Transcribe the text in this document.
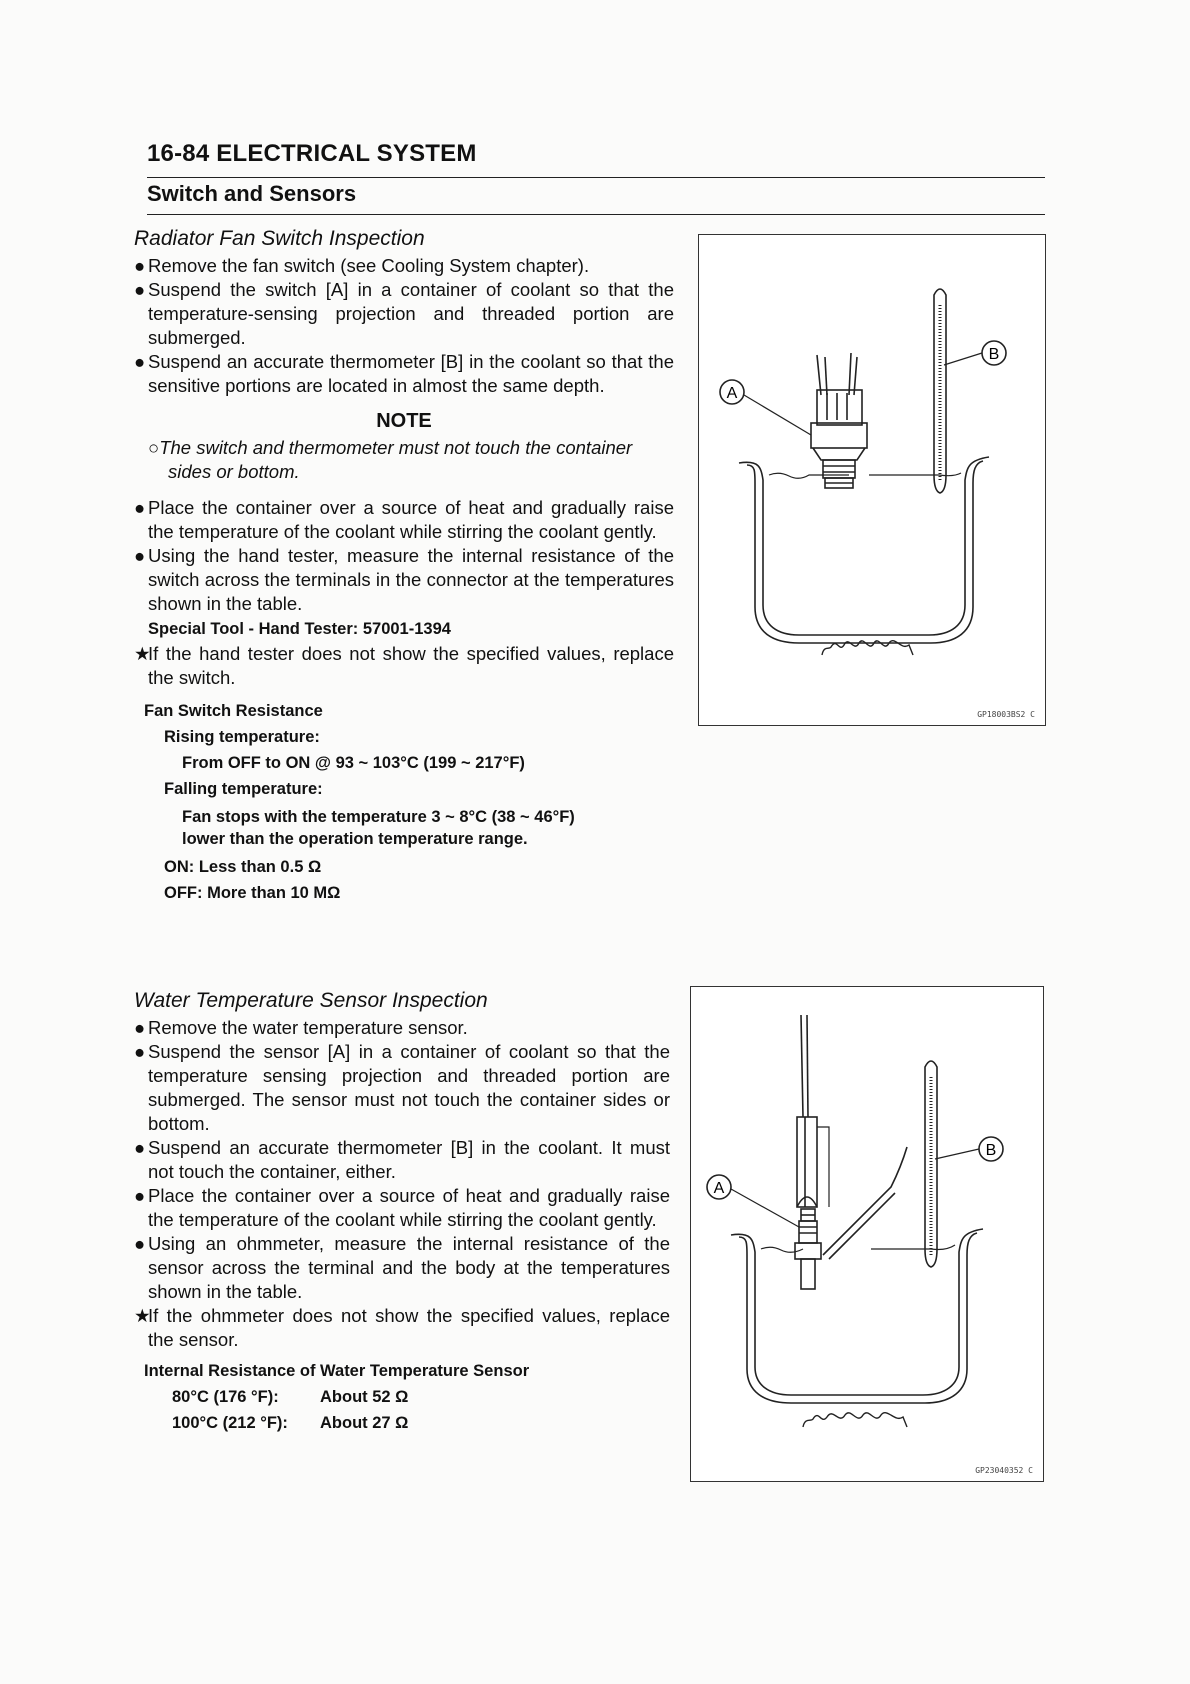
16-84 ELECTRICAL SYSTEM
Switch and Sensors
Radiator Fan Switch Inspection
● Remove the fan switch (see Cooling System chapter).
● Suspend the switch [A] in a container of coolant so that the temperature-sensing projection and threaded portion are submerged.
● Suspend an accurate thermometer [B] in the coolant so that the sensitive portions are located in almost the same depth.
NOTE
○The switch and thermometer must not touch the container sides or bottom.
● Place the container over a source of heat and gradually raise the temperature of the coolant while stirring the coolant gently.
● Using the hand tester, measure the internal resistance of the switch across the terminals in the connector at the temperatures shown in the table.
Special Tool - Hand Tester: 57001-1394
★
If the hand tester does not show the specified values, replace the switch.
Fan Switch Resistance
Rising temperature:
From OFF to ON @ 93 ~ 103°C (199 ~ 217°F)
Falling temperature:
Fan stops with the temperature 3 ~ 8°C (38 ~ 46°F)
lower than the operation temperature range.
ON: Less than 0.5 Ω
OFF: More than 10 MΩ
B
A
GP18003BS2 C
Water Temperature Sensor Inspection
● Remove the water temperature sensor.
● Suspend the sensor [A] in a container of coolant so that the temperature sensing projection and threaded portion are submerged. The sensor must not touch the container sides or bottom.
● Suspend an accurate thermometer [B] in the coolant. It must not touch the container, either.
● Place the container over a source of heat and gradually raise the temperature of the coolant while stirring the coolant gently.
● Using an ohmmeter, measure the internal resistance of the sensor across the terminal and the body at the temperatures shown in the table.
★
If the ohmmeter does not show the specified values, replace the sensor.
Internal Resistance of Water Temperature Sensor
80°C (176 °F):	About 52 Ω
100°C (212 °F):	About 27 Ω
B
A
GP23040352 C
